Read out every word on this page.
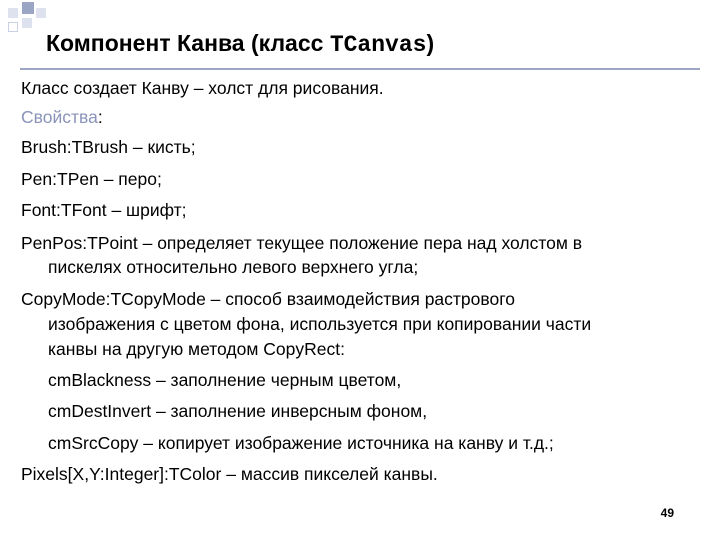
Компонент Канва (класс TCanvas)
Класс создает Канву – холст для рисования.
Свойства:
Brush:TBrush – кисть;
Pen:TPen – перо;
Font:TFont – шрифт;
PenPos:TPoint – определяет текущее положение пера над холстом в
пискелях относительно левого верхнего угла;
CopyMode:TCopyMode – способ взаимодействия растрового
изображения с цветом фона, используется при копировании части
канвы на другую методом CopyRect:
cmBlackness – заполнение черным цветом,
cmDestInvert – заполнение инверсным фоном,
cmSrcCopy – копирует изображение источника на канву и т.д.;
Pixels[X,Y:Integer]:TColor – массив пикселей канвы.
49
